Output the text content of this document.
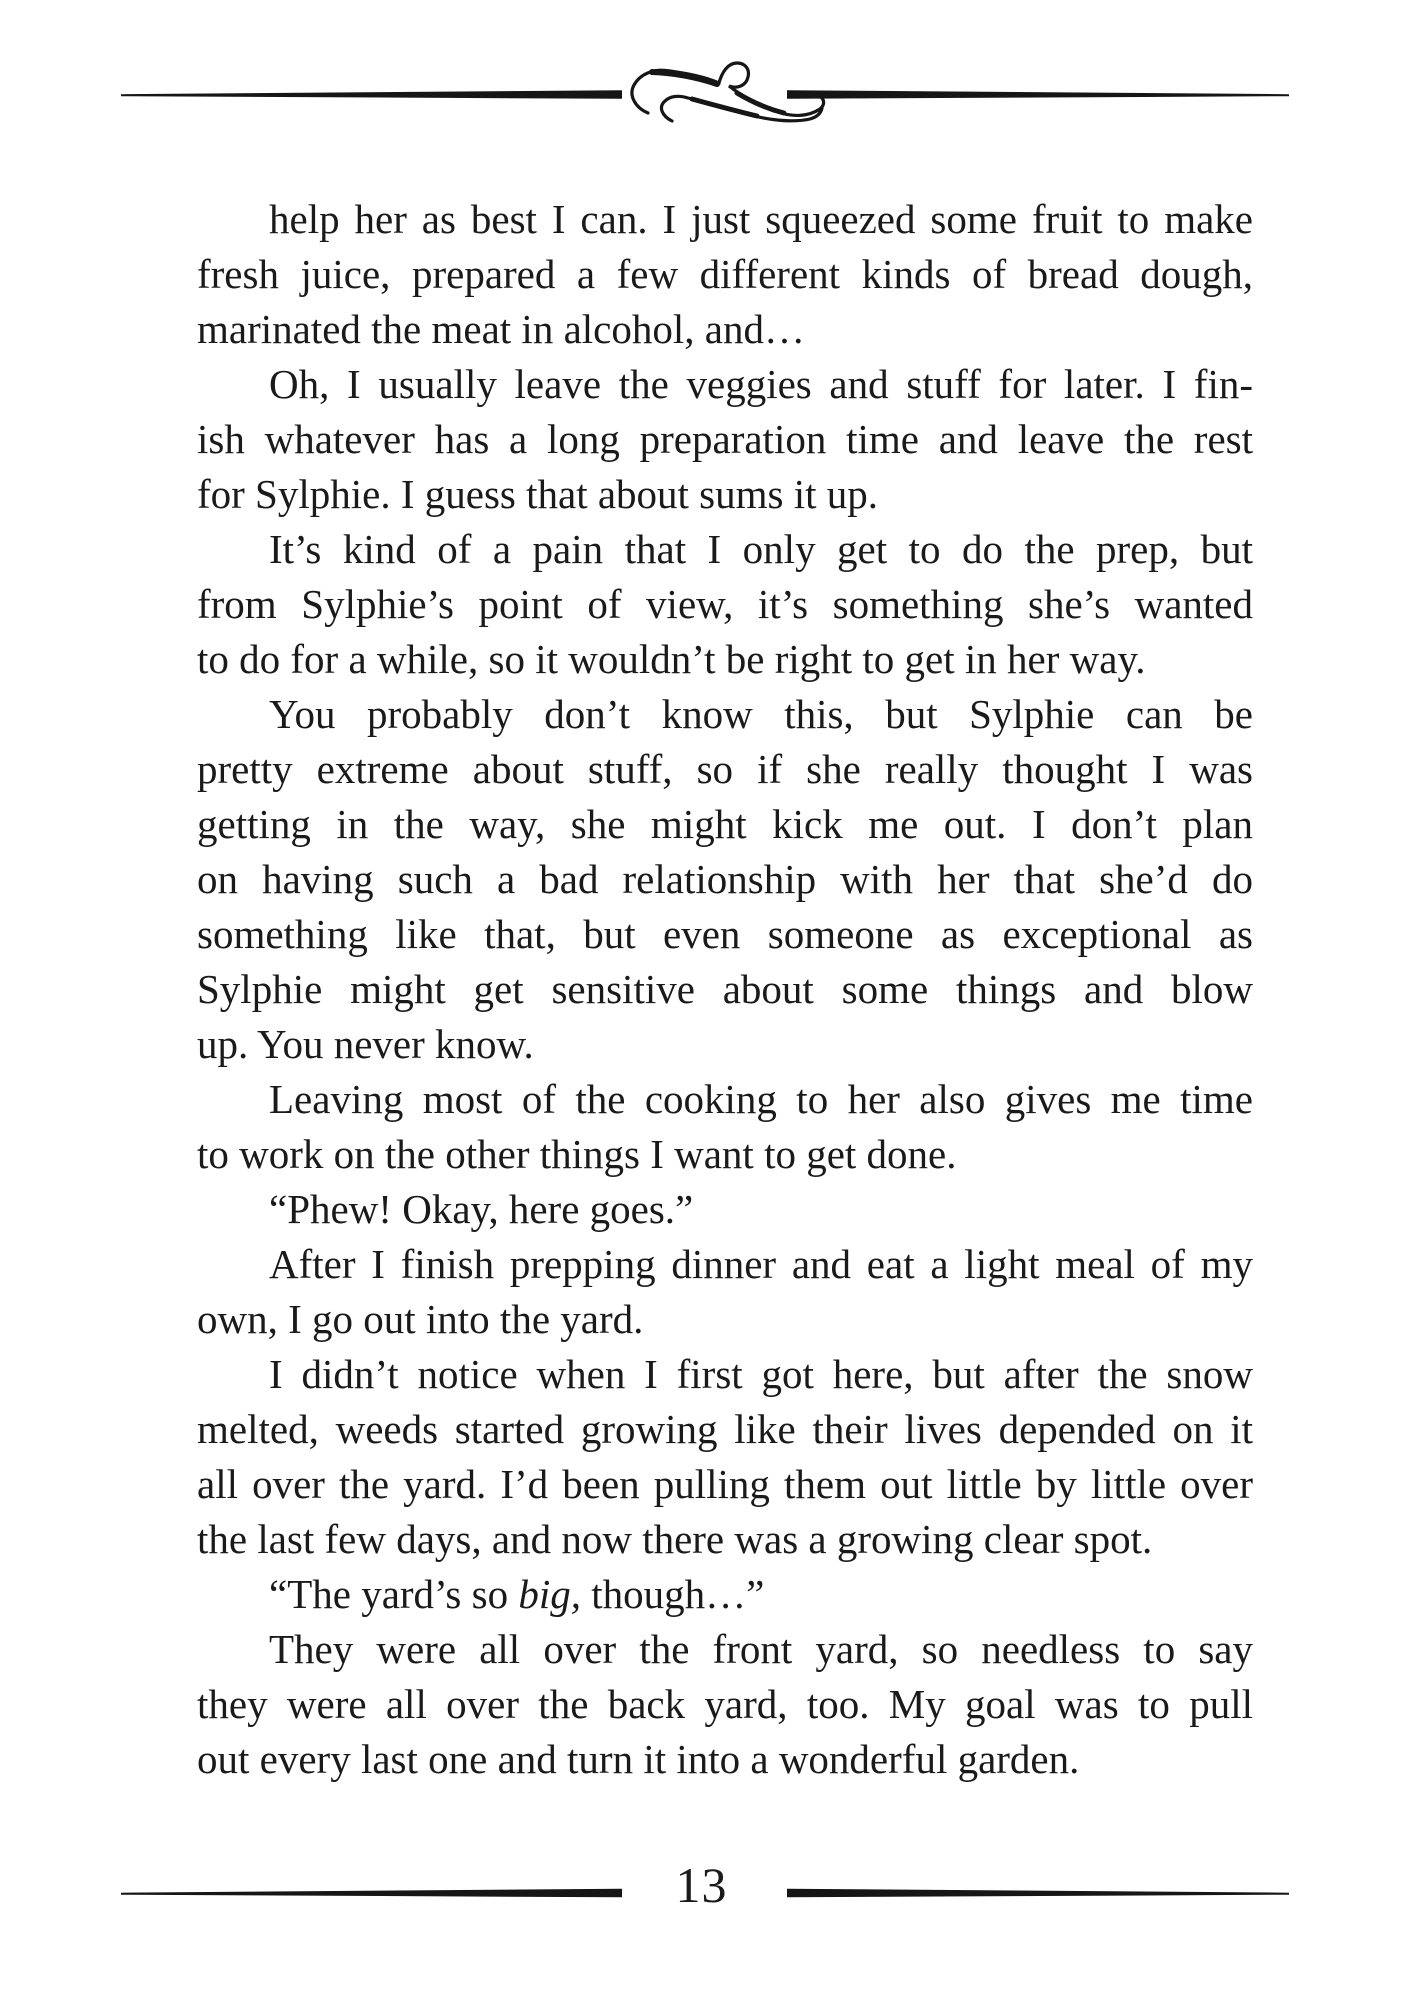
help her as best I can. I just squeezed some fruit to make
fresh juice, prepared a few different kinds of bread dough,
marinated the meat in alcohol, and…
Oh, I usually leave the veggies and stuff for later. I fin-
ish whatever has a long preparation time and leave the rest
for Sylphie. I guess that about sums it up.
It’s kind of a pain that I only get to do the prep, but
from Sylphie’s point of view, it’s something she’s wanted
to do for a while, so it wouldn’t be right to get in her way.
You probably don’t know this, but Sylphie can be
pretty extreme about stuff, so if she really thought I was
getting in the way, she might kick me out. I don’t plan
on having such a bad relationship with her that she’d do
something like that, but even someone as exceptional as
Sylphie might get sensitive about some things and blow
up. You never know.
Leaving most of the cooking to her also gives me time
to work on the other things I want to get done.
“Phew! Okay, here goes.”
After I finish prepping dinner and eat a light meal of my
own, I go out into the yard.
I didn’t notice when I first got here, but after the snow
melted, weeds started growing like their lives depended on it
all over the yard. I’d been pulling them out little by little over
the last few days, and now there was a growing clear spot.
“The yard’s so big, though…”
They were all over the front yard, so needless to say
they were all over the back yard, too. My goal was to pull
out every last one and turn it into a wonderful garden.
13
